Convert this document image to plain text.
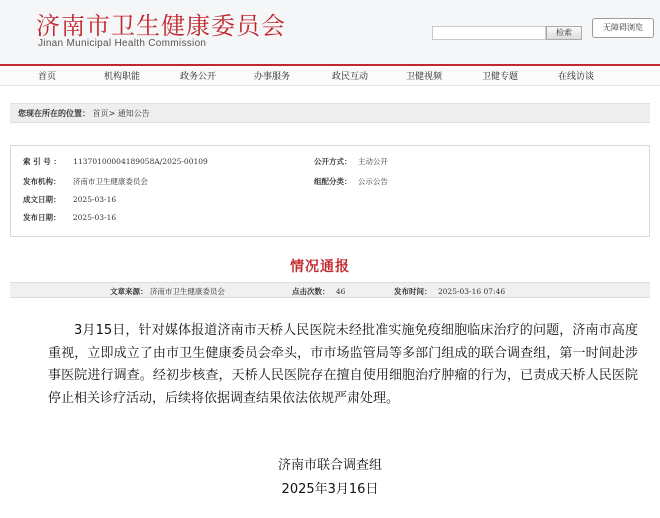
济南市卫生健康委员会
Jinan Municipal Health Commission
检索
无障碍浏览
首页	机构职能	政务公开	办事服务	政民互动	卫健视频	卫健专题	在线访谈
您现在所在的位置： 首页> 通知公告
索 引 号 ： 11370100004189058A/2025-00109	公开方式： 主动公开
发布机构： 济南市卫生健康委员会	组配分类： 公示公告
成文日期： 2025-03-16
发布日期： 2025-03-16
情况通报
文章来源： 济南市卫生健康委员会	点击次数： 46	发布时间： 2025-03-16 07:46

3月15日，针对媒体报道济南市天桥人民医院未经批准实施免疫细胞临床治疗的问题，济南市高度重视，立即成立了由市卫生健康委员会牵头，市市场监管局等多部门组成的联合调查组，第一时间赴涉事医院进行调查。经初步核查，天桥人民医院存在擅自使用细胞治疗肿瘤的行为，已责成天桥人民医院停止相关诊疗活动，后续将依据调查结果依法依规严肃处理。

济南市联合调查组
2025年3月16日
